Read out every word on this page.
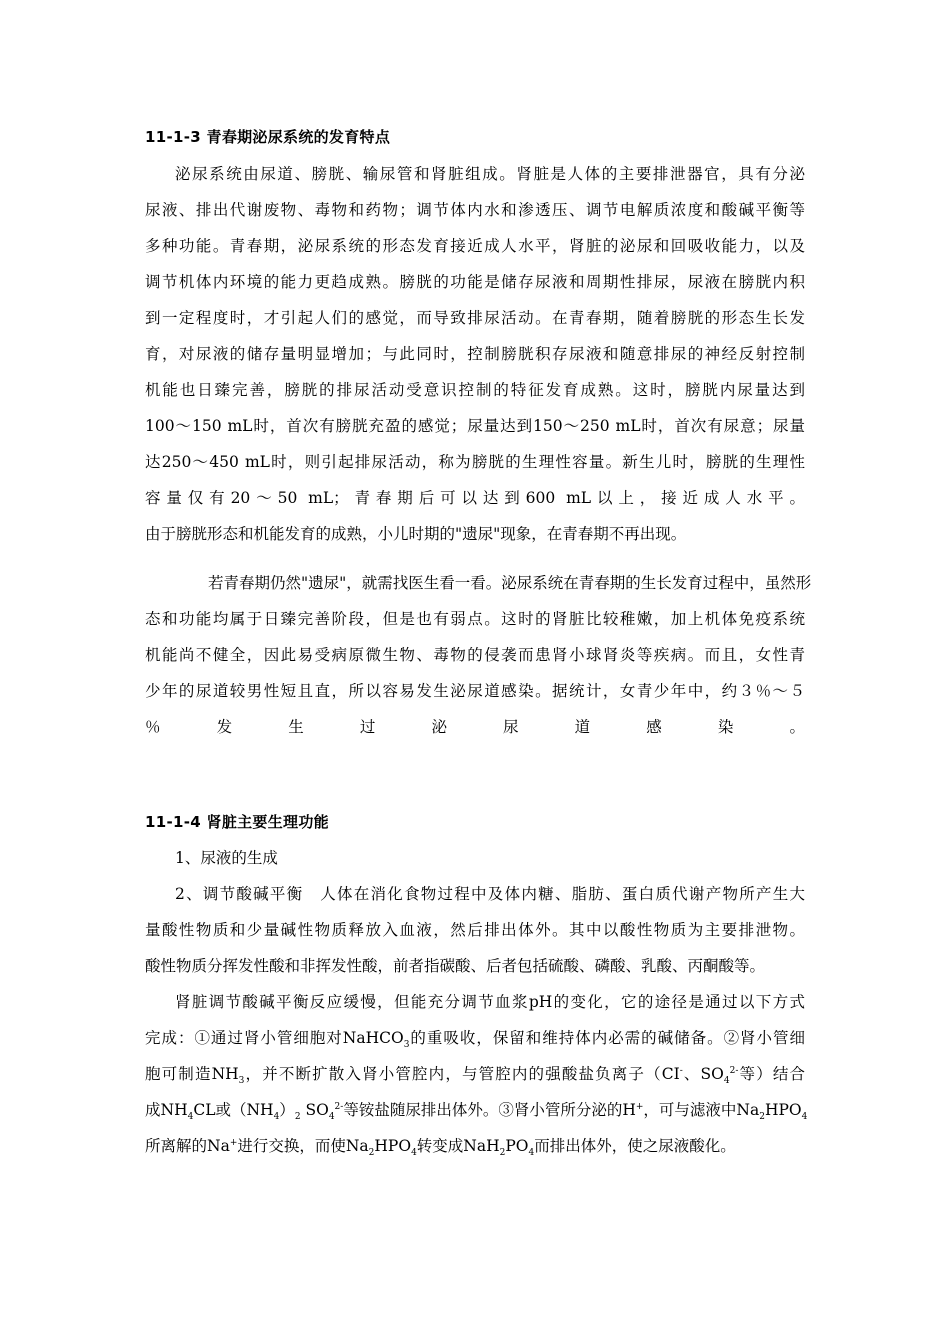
11-1-3 青春期泌尿系统的发育特点
泌尿系统由尿道、膀胱、输尿管和肾脏组成。肾脏是人体的主要排泄器官，具有分泌
尿液、排出代谢废物、毒物和药物；调节体内水和渗透压、调节电解质浓度和酸碱平衡等
多种功能。青春期，泌尿系统的形态发育接近成人水平，肾脏的泌尿和回吸收能力，以及
调节机体内环境的能力更趋成熟。膀胱的功能是储存尿液和周期性排尿，尿液在膀胱内积
到一定程度时，才引起人们的感觉，而导致排尿活动。在青春期，随着膀胱的形态生长发
育，对尿液的储存量明显增加；与此同时，控制膀胱积存尿液和随意排尿的神经反射控制
机能也日臻完善，膀胱的排尿活动受意识控制的特征发育成熟。这时，膀胱内尿量达到
100～150 mL时，首次有膀胱充盈的感觉；尿量达到150～250 mL时，首次有尿意；尿量
达250～450 mL时，则引起排尿活动，称为膀胱的生理性容量。新生儿时，膀胱的生理性
容量仅有20～50 mL；青春期后可以达到600 mL以上，接近成人水平。
由于膀胱形态和机能发育的成熟，小儿时期的"遗尿"现象，在青春期不再出现。
若青春期仍然"遗尿"，就需找医生看一看。泌尿系统在青春期的生长发育过程中，虽然形
态和功能均属于日臻完善阶段，但是也有弱点。这时的肾脏比较稚嫩，加上机体免疫系统
机能尚不健全，因此易受病原微生物、毒物的侵袭而患肾小球肾炎等疾病。而且，女性青
少年的尿道较男性短且直，所以容易发生泌尿道感染。据统计，女青少年中，约３％～５
％发生过泌尿道感染。
11-1-4 肾脏主要生理功能
1、尿液的生成
2、调节酸碱平衡　人体在消化食物过程中及体内糖、脂肪、蛋白质代谢产物所产生大
量酸性物质和少量碱性物质释放入血液，然后排出体外。其中以酸性物质为主要排泄物。
酸性物质分挥发性酸和非挥发性酸，前者指碳酸、后者包括硫酸、磷酸、乳酸、丙酮酸等。
肾脏调节酸碱平衡反应缓慢，但能充分调节血浆pH的变化，它的途径是通过以下方式
完成：①通过肾小管细胞对NaHCO$_3$的重吸收，保留和维持体内必需的碱储备。②肾小管细
胞可制造$NH_3$，并不断扩散入肾小管腔内，与管腔内的强酸盐负离子（CI-、$SO_4^{2-}$等）结合
成$NH_4CL$或$(NH_4)_2$ $SO_4^{2-}$等铵盐随尿排出体外。③肾小管所分泌的H+，可与滤液中$Na_2HPO_4$
所离解的Na+进行交换，而使$Na_2HPO_4$转变成$NaH_2PO_4$而排出体外，使之尿液酸化。
